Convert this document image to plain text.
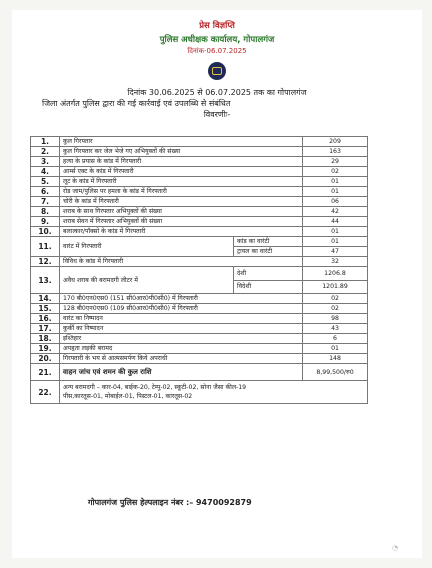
प्रेस विज्ञप्ति
पुलिस अधीक्षक कार्यालय, गोपालगंज
दिनांक-06.07.2025
दिनांक 30.06.2025 से 06.07.2025 तक का गोपालगंज
जिला अंतर्गत पुलिस द्वारा की गई कार्रवाई एवं उपलब्धि से संबंधित
विवरणीः-
1.	कुल गिरफ्तार		209
2.	कुल गिरफ्तार कर जेल भेजे गए अभियुक्तों की संख्या		163
3.	हत्या के प्रयास के कांड में गिरफ्तारी		29
4.	आर्म्स एक्ट के कांड में गिरफ्तारी		02
5.	लूट के कांड में गिरफ्तारी		01
6.	रोड जाम/पुलिस पर हमला के कांड में गिरफ्तारी		01
7.	चोरी के कांड में गिरफ्तारी		06
8.	शराब के साथ गिरफ्तार अभियुक्तों की संख्या		42
9.	शराब सेवन में गिरफ्तार अभियुक्तों की संख्या		44
10.	बलात्कार/पॉक्सो के कांड में गिरफ्तारी		01
11.	वारंट में गिरफ्तारी	कांड का वारंटी	01
		ट्रायल का वारंटी	47
12.	विविध के कांड में गिरफ्तारी		32
13.	अवैध शराब की बरामदगी लीटर में	देशी	1206.8
		विदेशी	1201.89
14.	170 बी0एन0एस0 (151 सी0आर0पी0सी0) में गिरफ्तारी		02
15.	128 बी0एन0एस0 (109 सी0आर0पी0सी0) में गिरफ्तारी		02
16.	वारंट का निष्पादन		98
17.	कुर्की का निष्पादन		43
18.	इश्तिहार		6
19.	अपहृता लड़की बरामद		01
20.	गिरफ्तारी के भय से आत्मसमर्पण किये अपराधी		148
21.	वाहन जांच एवं शमन की कुल राशि		8,99,500/रु0
22.	अन्य बरामदगी – कार-04, बाईक-20, टेम्पु-02, स्कूटी-02, सोना जैसा कील-19
पीस,कारतूस-01, मोबाईल-01, पिस्टल-01, कारतूस-02		
गोपालगंज पुलिस हेल्पलाइन नंबर :– 9470092879
◔
